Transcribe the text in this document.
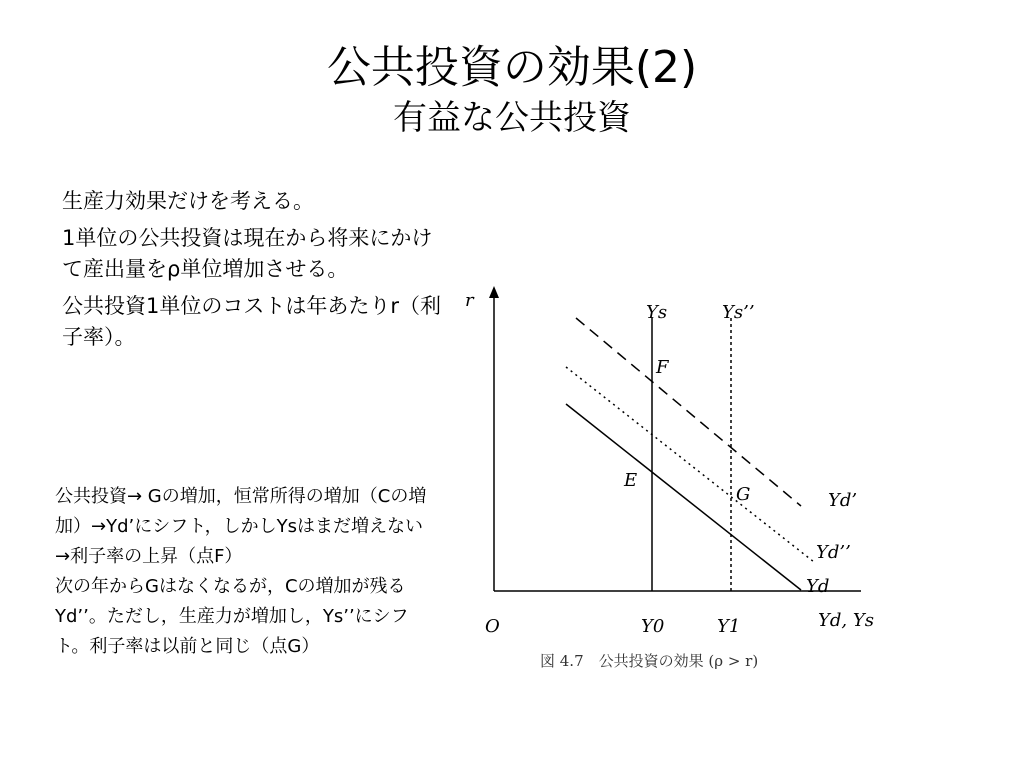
公共投資の効果(2)
有益な公共投資

生産力効果だけを考える。

1単位の公共投資は現在から将来にかけて産出量をρ単位増加させる。

公共投資1単位のコストは年あたりr（利子率）。

公共投資→ Gの増加，恒常所得の増加（Cの増加）→Yd’にシフト，しかしYsはまだ増えない→利子率の上昇（点F）

次の年からGはなくなるが，Cの増加が残るYd’’。ただし，生産力が増加し，Ys’’にシフト。利子率は以前と同じ（点G）

r
O	Yd, Ys
Ys	Ys’’
Yd’
Yd’’
Yd
F
E
G
Y0	Y1
図 4.7　公共投資の効果 (ρ > r)
